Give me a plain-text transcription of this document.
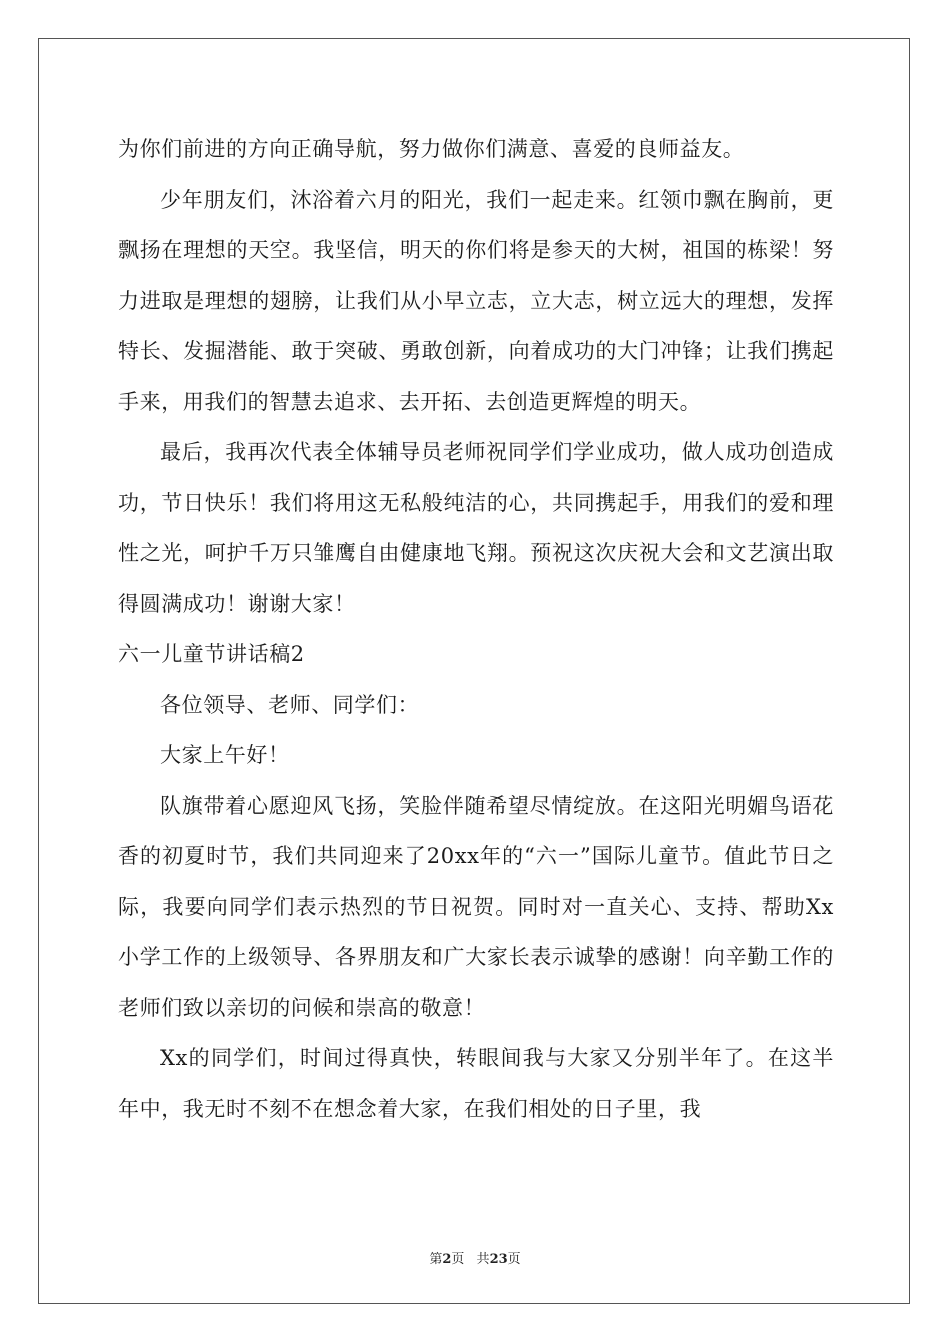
为你们前进的方向正确导航，努力做你们满意、喜爱的良师益友。

少年朋友们，沐浴着六月的阳光，我们一起走来。红领巾飘在胸前，更飘扬在理想的天空。我坚信，明天的你们将是参天的大树，祖国的栋梁！努力进取是理想的翅膀，让我们从小早立志，立大志，树立远大的理想，发挥特长、发掘潜能、敢于突破、勇敢创新，向着成功的大门冲锋；让我们携起手来，用我们的智慧去追求、去开拓、去创造更辉煌的明天。

最后，我再次代表全体辅导员老师祝同学们学业成功，做人成功创造成功，节日快乐！我们将用这无私般纯洁的心，共同携起手，用我们的爱和理性之光，呵护千万只雏鹰自由健康地飞翔。预祝这次庆祝大会和文艺演出取得圆满成功！谢谢大家！

六一儿童节讲话稿2

各位领导、老师、同学们：

大家上午好！

队旗带着心愿迎风飞扬，笑脸伴随希望尽情绽放。在这阳光明媚鸟语花香的初夏时节，我们共同迎来了20xx年的“六一”国际儿童节。值此节日之际，我要向同学们表示热烈的节日祝贺。同时对一直关心、支持、帮助Xx小学工作的上级领导、各界朋友和广大家长表示诚挚的感谢！向辛勤工作的老师们致以亲切的问候和崇高的敬意！

Xx的同学们，时间过得真快，转眼间我与大家又分别半年了。在这半年中，我无时不刻不在想念着大家，在我们相处的日子里，我

第2页 共23页
